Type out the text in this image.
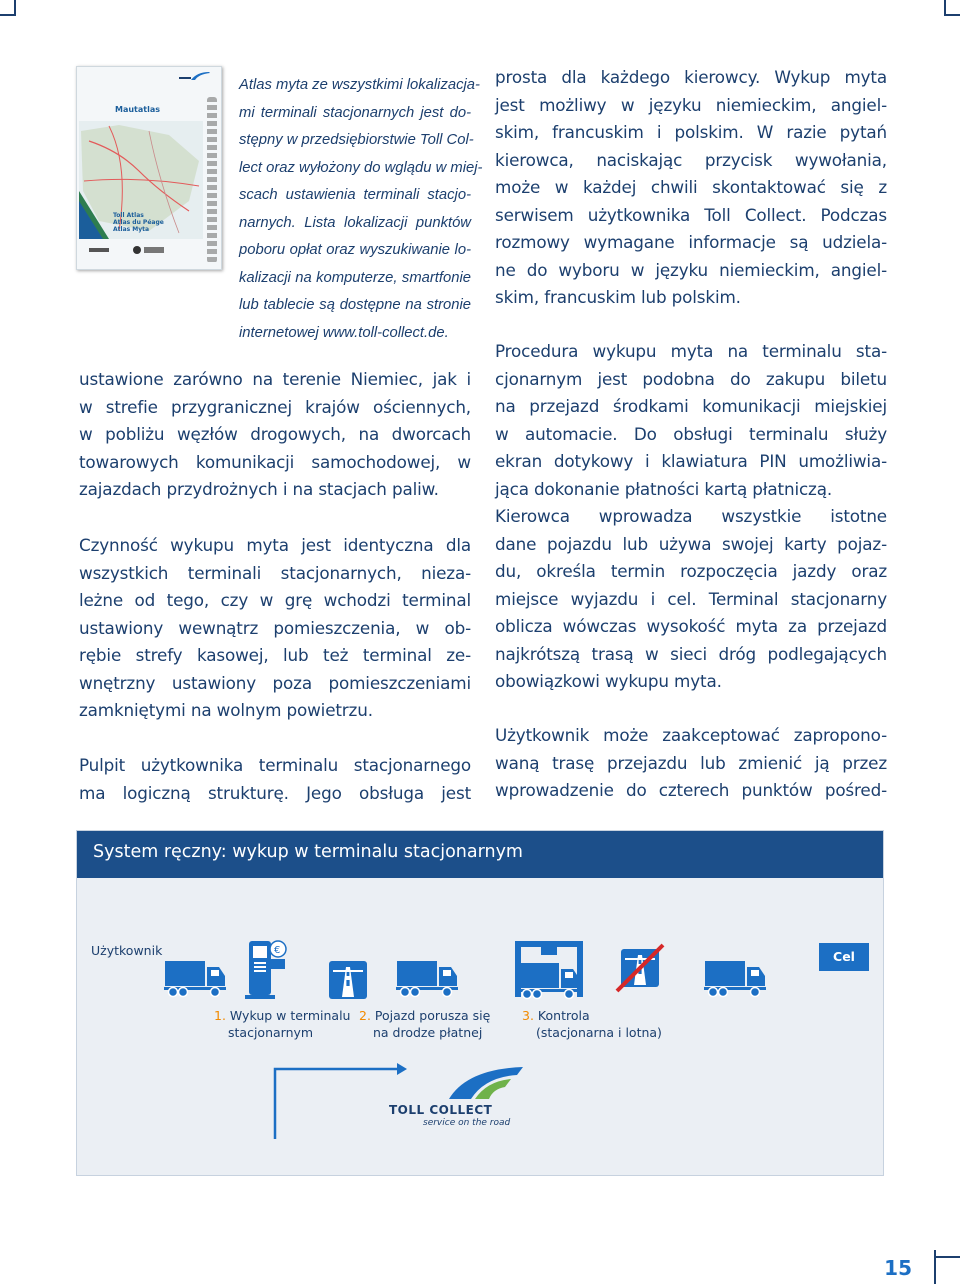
Mautatlas
Toll Atlas
Atlas du Péage
Atlas Myta
Atlas myta ze wszystkimi lokalizacja-
mi terminali stacjonarnych jest do-
stępny w przedsiębiorstwie Toll Col-
lect oraz wyłożony do wglądu w miej-
scach ustawienia terminali stacjo-
narnych. Lista lokalizacji punktów
poboru opłat oraz wyszukiwanie lo-
kalizacji na komputerze, smartfonie
lub tablecie są dostępne na stronie
internetowej www.toll-collect.de.
ustawione zarówno na terenie Niemiec, jak i
w strefie przygranicznej krajów ościennych,
w pobliżu węzłów drogowych, na dworcach
towarowych komunikacji samochodowej, w
zajazdach przydrożnych i na stacjach paliw.
Czynność wykupu myta jest identyczna dla
wszystkich terminali stacjonarnych, nieza-
leżne od tego, czy w grę wchodzi terminal
ustawiony wewnątrz pomieszczenia, w ob-
rębie strefy kasowej, lub też terminal ze-
wnętrzny ustawiony poza pomieszczeniami
zamkniętymi na wolnym powietrzu.
Pulpit użytkownika terminalu stacjonarnego
ma logiczną strukturę. Jego obsługa jest
prosta dla każdego kierowcy. Wykup myta
jest możliwy w języku niemieckim, angiel-
skim, francuskim i polskim. W razie pytań
kierowca, naciskając przycisk wywołania,
może w każdej chwili skontaktować się z
serwisem użytkownika Toll Collect. Podczas
rozmowy wymagane informacje są udziela-
ne do wyboru w języku niemieckim, angiel-
skim, francuskim lub polskim.
Procedura wykupu myta na terminalu sta-
cjonarnym jest podobna do zakupu biletu
na przejazd środkami komunikacji miejskiej
w automacie. Do obsługi terminalu służy
ekran dotykowy i klawiatura PIN umożliwia-
jąca dokonanie płatności kartą płatniczą.
Kierowca wprowadza wszystkie istotne
dane pojazdu lub używa swojej karty pojaz-
du, określa termin rozpoczęcia jazdy oraz
miejsce wyjazdu i cel. Terminal stacjonarny
oblicza wówczas wysokość myta za przejazd
najkrótszą trasą w sieci dróg podlegających
obowiązkowi wykupu myta.
Użytkownik może zaakceptować zapropono-
waną trasę przejazdu lub zmienić ją przez
wprowadzenie do czterech punktów pośred-
System ręczny: wykup w terminalu stacjonarnym
Użytkownik	€	Cel
1. Wykup w terminalu
stacjonarnym
2. Pojazd porusza się
na drodze płatnej
3. Kontrola
(stacjonarna i lotna)
TOLL COLLECT
service on the road
15
